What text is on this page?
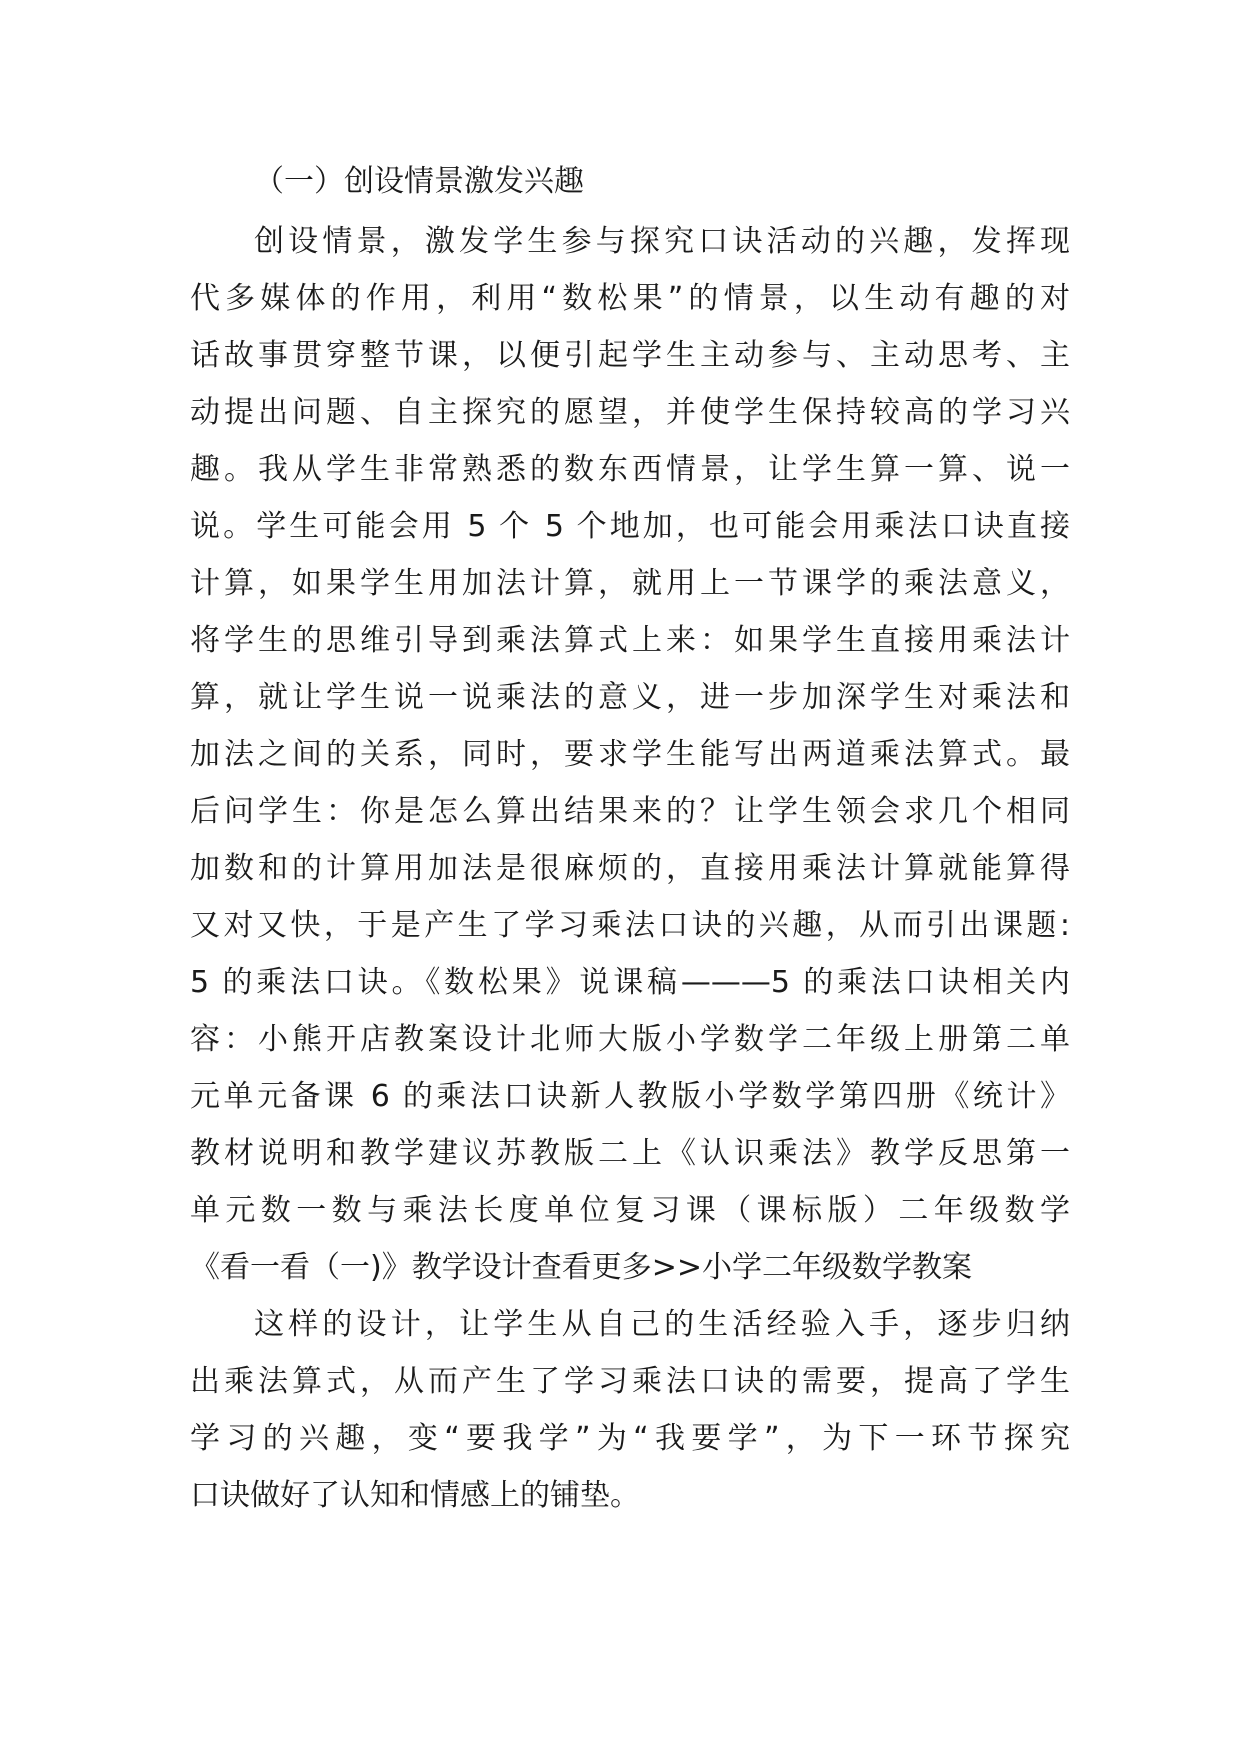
（一）创设情景激发兴趣
创设情景，激发学生参与探究口诀活动的兴趣，发挥现
代多媒体的作用，利用“数松果”的情景，以生动有趣的对
话故事贯穿整节课，以便引起学生主动参与、主动思考、主
动提出问题、自主探究的愿望，并使学生保持较高的学习兴
趣。我从学生非常熟悉的数东西情景，让学生算一算、说一
说。学生可能会用 5 个 5 个地加，也可能会用乘法口诀直接
计算，如果学生用加法计算，就用上一节课学的乘法意义，
将学生的思维引导到乘法算式上来：如果学生直接用乘法计
算，就让学生说一说乘法的意义，进一步加深学生对乘法和
加法之间的关系，同时，要求学生能写出两道乘法算式。最
后问学生：你是怎么算出结果来的？让学生领会求几个相同
加数和的计算用加法是很麻烦的，直接用乘法计算就能算得
又对又快，于是产生了学习乘法口诀的兴趣，从而引出课题:
5 的乘法口诀。《数松果》说课稿———5 的乘法口诀相关内
容：小熊开店教案设计北师大版小学数学二年级上册第二单
元单元备课 6 的乘法口诀新人教版小学数学第四册《统计》
教材说明和教学建议苏教版二上《认识乘法》教学反思第一
单元数一数与乘法长度单位复习课（课标版）二年级数学
《看一看（一)》教学设计查看更多>>小学二年级数学教案
这样的设计，让学生从自己的生活经验入手，逐步归纳
出乘法算式，从而产生了学习乘法口诀的需要，提高了学生
学习的兴趣，变“要我学”为“我要学”，为下一环节探究
口诀做好了认知和情感上的铺垫。
